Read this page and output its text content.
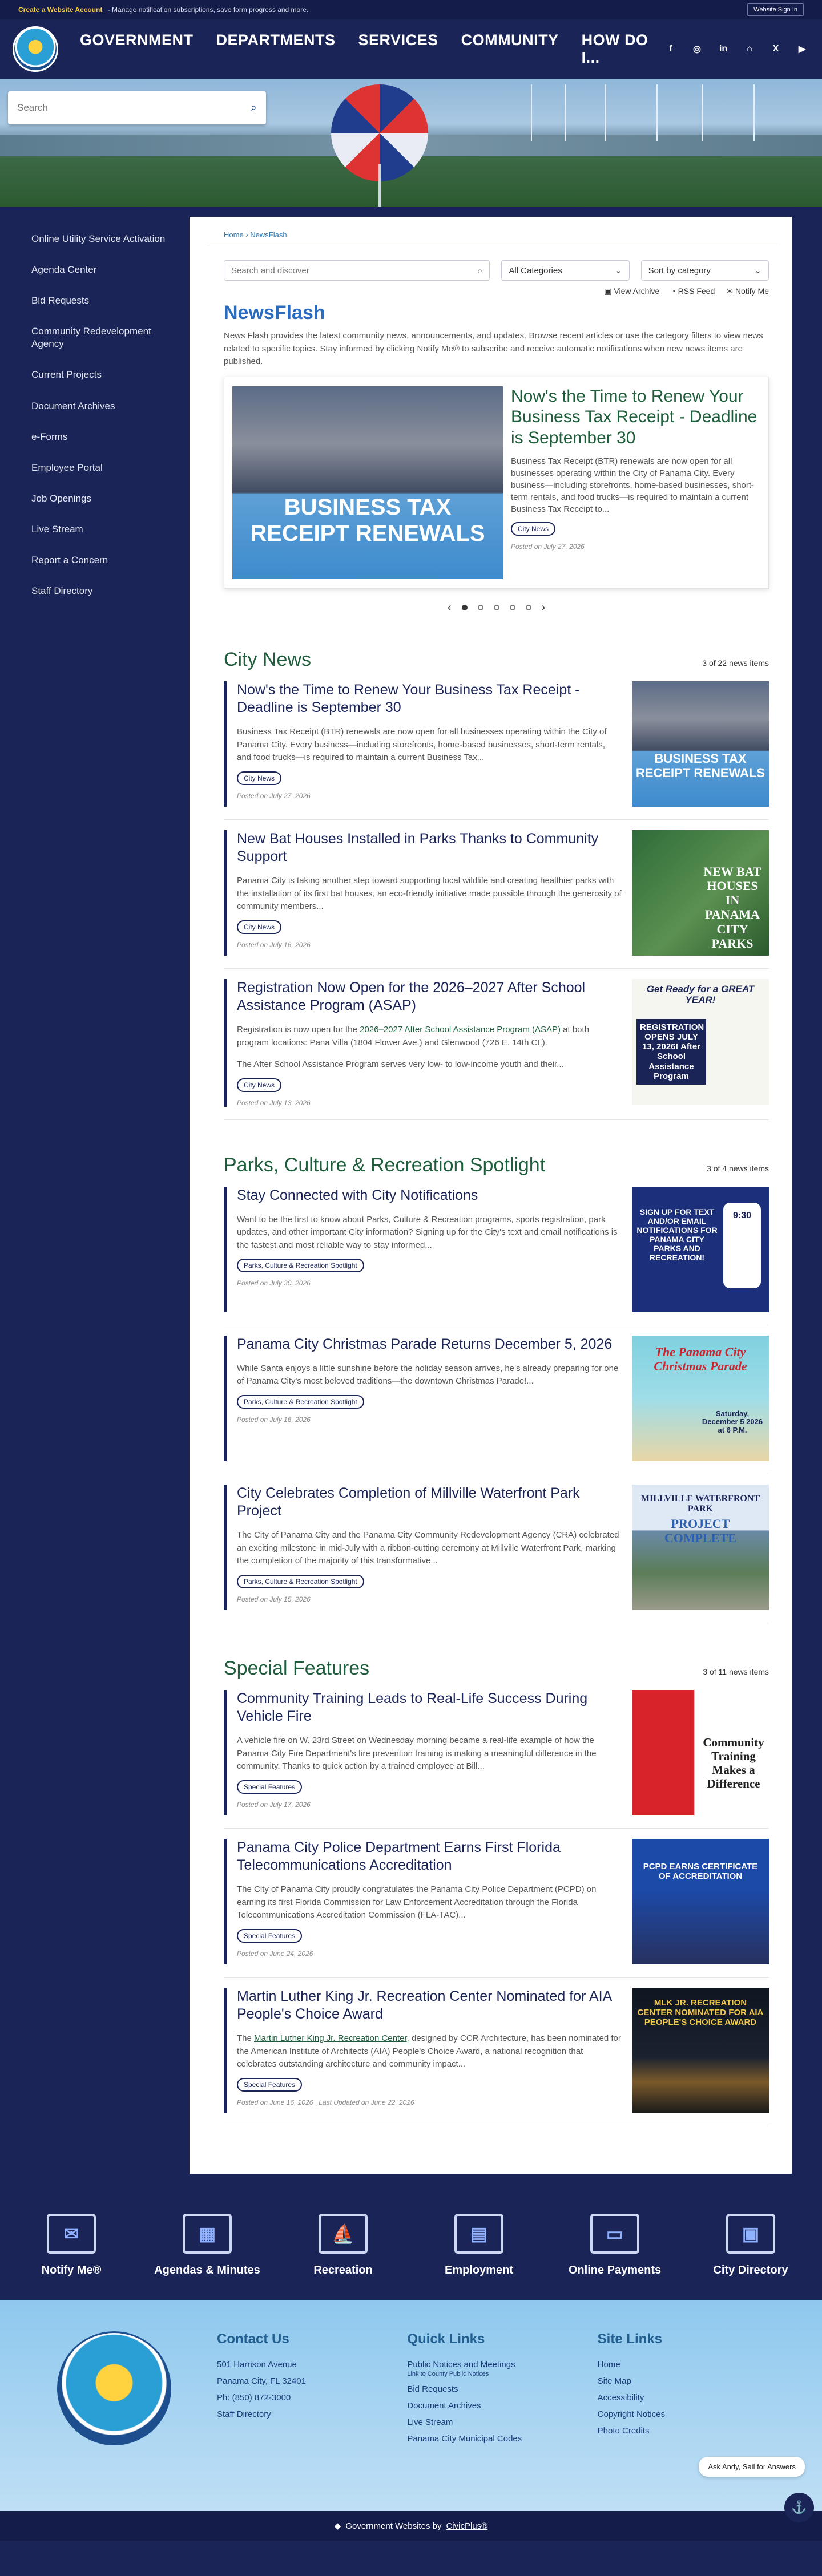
Create a Website Account - Manage notification subscriptions, save form progress and more.	Website Sign In
GOVERNMENT DEPARTMENTS SERVICES COMMUNITY HOW DO I...
f	◎	in	⌂	X	▶
Search
⌕
Online Utility Service Activation
Agenda Center
Bid Requests
Community Redevelopment Agency
Current Projects
Document Archives
e-Forms
Employee Portal
Job Openings
Live Stream
Report a Concern
Staff Directory
Home › NewsFlash
Search and discover	⌕	All Categories	⌄	Sort by category	⌄
▣ View Archive ◔ RSS Feed ✉ Notify Me
NewsFlash

News Flash provides the latest community news, announcements, and updates. Browse recent articles or use the category filters to view news related to specific topics. Stay informed by clicking Notify Me® to subscribe and receive automatic notifications when new news items are published.

BUSINESS TAX RECEIPT RENEWALS
Now's the Time to Renew Your Business Tax Receipt - Deadline is September 30

Business Tax Receipt (BTR) renewals are now open for all businesses operating within the City of Panama City. Every business—including storefronts, home-based businesses, short-term rentals, and food trucks—is required to maintain a current Business Tax Receipt to...

City News
Posted on July 27, 2026
‹	›
City News	3 of 22 news items
Now's the Time to Renew Your Business Tax Receipt - Deadline is September 30

Business Tax Receipt (BTR) renewals are now open for all businesses operating within the City of Panama City. Every business—including storefronts, home-based businesses, short-term rentals, and food trucks—is required to maintain a current Business Tax...

City News
Posted on July 27, 2026
BUSINESS TAX RECEIPT RENEWALS
New Bat Houses Installed in Parks Thanks to Community Support

Panama City is taking another step toward supporting local wildlife and creating healthier parks with the installation of its first bat houses, an eco-friendly initiative made possible through the generosity of community members...

City News
Posted on July 16, 2026
NEW BAT HOUSES IN PANAMA CITY PARKS
Registration Now Open for the 2026–2027 After School Assistance Program (ASAP)

Registration is now open for the 2026–2027 After School Assistance Program (ASAP) at both program locations: Pana Villa (1804 Flower Ave.) and Glenwood (726 E. 14th Ct.).

The After School Assistance Program serves very low- to low-income youth and their...

City News
Posted on July 13, 2026
Get Ready for a GREAT YEAR!
REGISTRATION OPENS JULY 13, 2026! After School Assistance Program
Parks, Culture & Recreation Spotlight	3 of 4 news items
Stay Connected with City Notifications

Want to be the first to know about Parks, Culture & Recreation programs, sports registration, park updates, and other important City information? Signing up for the City's text and email notifications is the fastest and most reliable way to stay informed...

Parks, Culture & Recreation Spotlight
Posted on July 30, 2026
SIGN UP FOR TEXT AND/OR EMAIL NOTIFICATIONS FOR PANAMA CITY PARKS AND RECREATION!
9:30
Panama City Christmas Parade Returns December 5, 2026

While Santa enjoys a little sunshine before the holiday season arrives, he's already preparing for one of Panama City's most beloved traditions—the downtown Christmas Parade!...

Parks, Culture & Recreation Spotlight
Posted on July 16, 2026
The Panama City Christmas Parade
Saturday, December 5 2026 at 6 P.M.
City Celebrates Completion of Millville Waterfront Park Project

The City of Panama City and the Panama City Community Redevelopment Agency (CRA) celebrated an exciting milestone in mid-July with a ribbon-cutting ceremony at Millville Waterfront Park, marking the completion of the majority of this transformative...

Parks, Culture & Recreation Spotlight
Posted on July 15, 2026
MILLVILLE WATERFRONT PARK
PROJECT COMPLETE
Special Features	3 of 11 news items
Community Training Leads to Real-Life Success During Vehicle Fire

A vehicle fire on W. 23rd Street on Wednesday morning became a real-life example of how the Panama City Fire Department's fire prevention training is making a meaningful difference in the community. Thanks to quick action by a trained employee at Bill...

Special Features
Posted on July 17, 2026
Community Training Makes a Difference
Panama City Police Department Earns First Florida Telecommunications Accreditation

The City of Panama City proudly congratulates the Panama City Police Department (PCPD) on earning its first Florida Commission for Law Enforcement Accreditation through the Florida Telecommunications Accreditation Commission (FLA-TAC)...

Special Features
Posted on June 24, 2026
PCPD EARNS CERTIFICATE OF ACCREDITATION
Martin Luther King Jr. Recreation Center Nominated for AIA People's Choice Award

The Martin Luther King Jr. Recreation Center, designed by CCR Architecture, has been nominated for the American Institute of Architects (AIA) People's Choice Award, a national recognition that celebrates outstanding architecture and community impact...

Special Features
Posted on June 16, 2026 | Last Updated on June 22, 2026
MLK JR. RECREATION CENTER NOMINATED FOR AIA PEOPLE'S CHOICE AWARD
✉
Notify Me®
▦
Agendas & Minutes
⛵
Recreation
▤
Employment
▭
Online Payments
▣
City Directory
Contact Us
501 Harrison Avenue
Panama City, FL 32401
Ph: (850) 872-3000
Staff Directory
Quick Links
Public Notices and Meetings
Link to County Public Notices
Bid Requests
Document Archives
Live Stream
Panama City Municipal Codes
Site Links
Home
Site Map
Accessibility
Copyright Notices
Photo Credits
Ask Andy, Sail for Answers
⚓
◆ Government Websites by CivicPlus®
